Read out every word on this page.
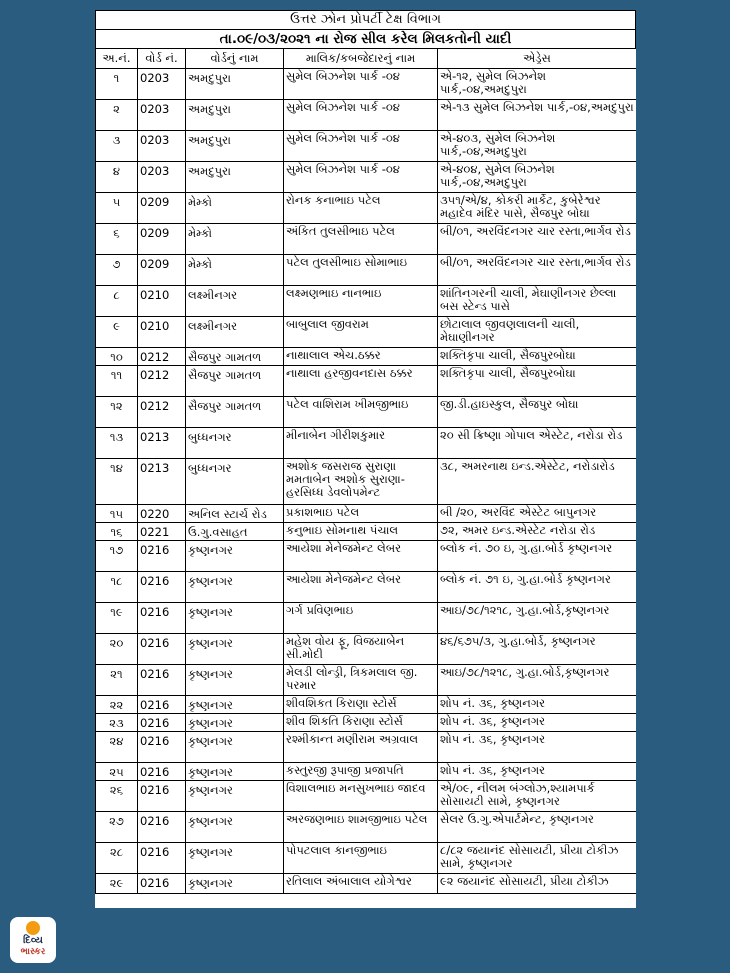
ઉત્તર ઝોન પ્રોપર્ટી ટેક્ષ વિભાગ
તા.૦૯/૦૩/૨૦૨૧ ના રોજ સીલ કરેલ મિલકતોની યાદી
અ.નં.	વોર્ડ નં.	વોર્ડનું નામ	માલિક/કબજેદારનું નામ	એડ્રેસ
૧	0203	અમદુપુરા	સુમેલ બિઝનેશ પાર્ક -૦૪	એ-૧૨, સુમેલ બિઝનેશ પાર્ક,-૦૪,અમદુપુરા
૨	0203	અમદુપુરા	સુમેલ બિઝનેશ પાર્ક -૦૪	એ-૧૩ સુમેલ બિઝનેશ પાર્ક,-૦૪,અમદુપુરા
૩	0203	અમદુપુરા	સુમેલ બિઝનેશ પાર્ક -૦૪	એ-૪૦૩, સુમેલ બિઝનેશ પાર્ક,-૦૪,અમદુપુરા
૪	0203	અમદુપુરા	સુમેલ બિઝનેશ પાર્ક -૦૪	એ-૪૦૪, સુમેલ બિઝનેશ પાર્ક,-૦૪,અમદુપુરા
૫	0209	મેમ્કો	રોનક કનાભાઇ પટેલ	૩૫૧/એ/૪, કોકરી માર્કેટ, કુબેરેશ્વર મહાદેવ મંદિર પાસે, સૈજપુર બોઘા
૬	0209	મેમ્કો	અંકિત તુલસીભાઇ પટેલ	બી/૦૧, અરવિંદનગર ચાર રસ્તા,ભાર્ગવ રોડ
૭	0209	મેમ્કો	પટેલ તુલસીભાઇ સોમાભાઇ	બી/૦૧, અરવિંદનગર ચાર રસ્તા,ભાર્ગવ રોડ
૮	0210	લક્ષ્મીનગર	લક્ષ્મણભાઇ નાનભાઇ	શાંતિનગરની ચાલી, મેઘાણીનગર છેલ્લા બસ સ્ટેન્ડ પાસે
૯	0210	લક્ષ્મીનગર	બાબુલાલ જીવરામ	છોટાલાલ જીવણલાલની ચાલી, મેઘાણીનગર
૧૦	0212	સૈજપુર ગામતળ	નાથાલાલ એચ.ઠક્કર	શક્તિકૃપા ચાલી, સૈજપુરબોઘા
૧૧	0212	સૈજપુર ગામતળ	નાથાલા હરજીવનદાસ ઠક્કર	શક્તિકૃપા ચાલી, સૈજપુરબોઘા
૧૨	0212	સૈજપુર ગામતળ	પટેલ વાશિરામ ખીમજીભાઇ	જી.ડી.હાઇસ્કુલ, સૈજપુર બોઘા
૧૩	0213	બુધ્ધનગર	મીનાબેન ગીરીશકુમાર	૨૦ સી ક્રિષ્ણા ગોપાલ એસ્ટેટ, નરોડા રોડ
૧૪	0213	બુધ્ધનગર	અશોક જસરાજ સુરાણા મમતાબેન અશોક સુરાણા-હરસિધ્ધ ડેવલોપમેન્ટ	૩૮, અમરનાથ ઇન્ડ.એસ્ટેટ, નરોડારોડ
૧૫	0220	અનિલ સ્ટાર્ચ રોડ	પ્રકાશભાઇ પટેલ	બી /૨૦, અરવિંદ એસ્ટેટ બાપુનગર
૧૬	0221	ઉ.ગુ.વસાહત	કનુભાઇ સોમનાથ પંચાલ	૭૨, અમર ઇન્ડ.એસ્ટેટ નરોડા રોડ
૧૭	0216	કૃષ્ણનગર	આયેશા મેનેજમેન્ટ લેબર	બ્લોક નં. ૭૦ ઇ, ગુ.હા.બોર્ડ કૃષ્ણનગર
૧૮	0216	કૃષ્ણનગર	આયેશા મેનેજમેન્ટ લેબર	બ્લોક નં. ૭૧ ઇ, ગુ.હા.બોર્ડ કૃષ્ણનગર
૧૯	0216	કૃષ્ણનગર	ગર્ગ પ્રવિણભાઇ	આઇ/૭૮/૧૨૧૮, ગુ.હા.બોર્ડ,કૃષ્ણનગર
૨૦	0216	કૃષ્ણનગર	મહેશ વોય ફૂ, વિજયાબેન સી.મોદી	૪૬/૬૭૫/૩, ગુ.હા.બોર્ડ, કૃષ્ણનગર
૨૧	0216	કૃષ્ણનગર	મેલડી લોન્ડ્રી, ત્રિકમલાલ જી. પરમાર	આઇ/૭૮/૧૨૧૮, ગુ.હા.બોર્ડ,કૃષ્ણનગર
૨૨	0216	કૃષ્ણનગર	શીવશિકત કિરાણા સ્ટોર્સ	શોપ નં. ૩૬, કૃષ્ણનગર
૨૩	0216	કૃષ્ણનગર	શીવ શિકતિ કિરાણા સ્ટોર્સ	શોપ નં. ૩૬, કૃષ્ણનગર
૨૪	0216	કૃષ્ણનગર	રશ્મીકાન્ત મણીરામ અગ્રવાલ	શોપ નં. ૩૬, કૃષ્ણનગર
૨૫	0216	કૃષ્ણનગર	કસ્તુરજી રૂપાજી પ્રજાપતિ	શોપ નં. ૩૬, કૃષ્ણનગર
૨૬	0216	કૃષ્ણનગર	વિશાલભાઇ મનસુખભાઇ જાદવ	એ/૦૯, નીલમ બંગ્લોઝ,શ્યામપાર્ક સોસાયટી સામે, કૃષ્ણનગર
૨૭	0216	કૃષ્ણનગર	અરજણભાઇ શામજીભાઇ પટેલ	સેલર ઉ.ગુ.એપાર્ટમેન્ટ, કૃષ્ણનગર
૨૮	0216	કૃષ્ણનગર	પોપટલાલ કાનજીભાઇ	૮/૮૨ જયાનંદ સોસાયટી, પ્રીયા ટોકીઝ સામે, કૃષ્ણનગર
૨૯	0216	કૃષ્ણનગર	રતિલાલ અંબાલાલ યોગેશ્વર	૯૨ જયાનંદ સોસાયટી, પ્રીયા ટોકીઝ
દિવ્ય
ભાસ્કર
